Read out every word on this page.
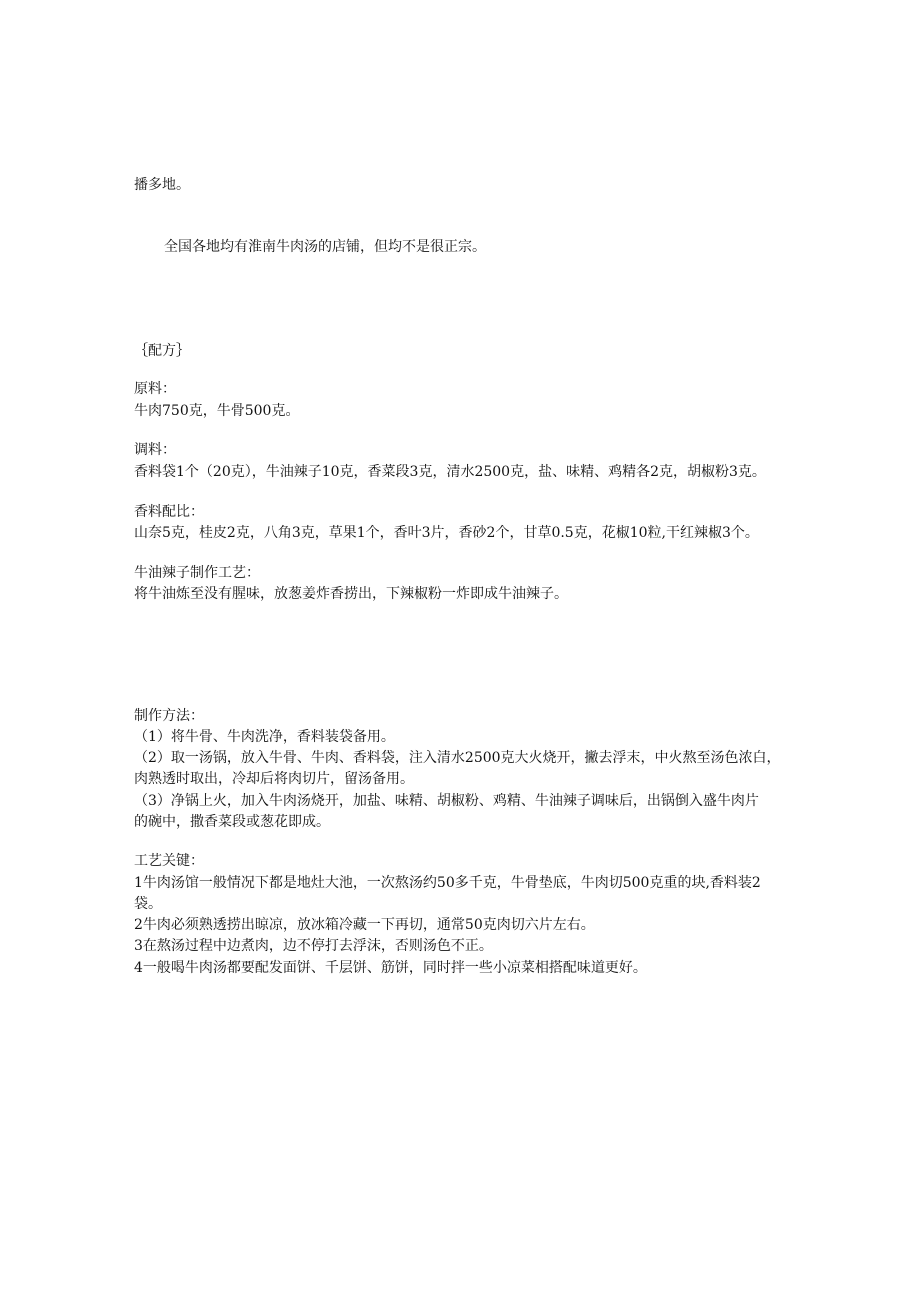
播多地。
全国各地均有淮南牛肉汤的店铺，但均不是很正宗。
｛配方｝
原料：
牛肉750克，牛骨500克。
调料：
香料袋1个（20克），牛油辣子10克，香菜段3克，清水2500克，盐、味精、鸡精各2克，胡椒粉3克。
香料配比：
山奈5克，桂皮2克，八角3克，草果1个，香叶3片，香砂2个，甘草0.5克，花椒10粒,干红辣椒3个。
牛油辣子制作工艺：
将牛油炼至没有腥味，放葱姜炸香捞出，下辣椒粉一炸即成牛油辣子。
制作方法：
（1）将牛骨、牛肉洗净，香料装袋备用。
（2）取一汤锅，放入牛骨、牛肉、香料袋，注入清水2500克大火烧开，撇去浮末，中火熬至汤色浓白，
肉熟透时取出，冷却后将肉切片，留汤备用。
（3）净锅上火，加入牛肉汤烧开，加盐、味精、胡椒粉、鸡精、牛油辣子调味后，出锅倒入盛牛肉片
的碗中，撒香菜段或葱花即成。
工艺关键：
1牛肉汤馆一般情况下都是地灶大池，一次熬汤约50多千克，牛骨垫底，牛肉切500克重的块,香料装2
袋。
2牛肉必须熟透捞出晾凉，放冰箱冷藏一下再切，通常50克肉切六片左右。
3在熬汤过程中边煮肉，边不停打去浮沫，否则汤色不正。
4一般喝牛肉汤都要配发面饼、千层饼、筋饼，同时拌一些小凉菜相搭配味道更好。
